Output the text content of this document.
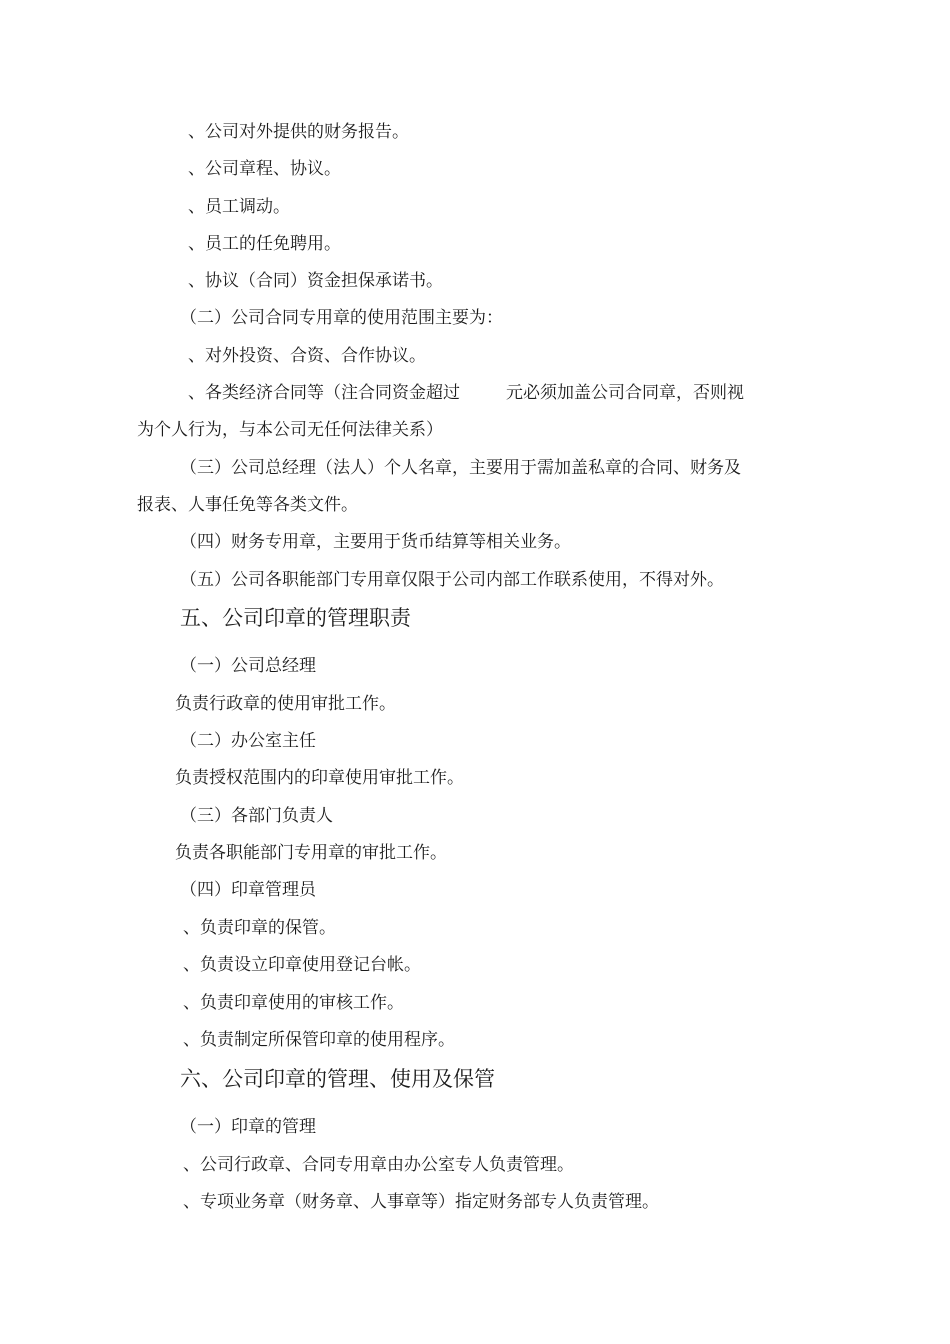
、公司对外提供的财务报告。
、公司章程、协议。
、员工调动。
、员工的任免聘用。
、协议（合同）资金担保承诺书。
（二）公司合同专用章的使用范围主要为：
、对外投资、合资、合作协议。
、各类经济合同等（注合同资金超过	元必须加盖公司合同章，否则视
为个人行为，与本公司无任何法律关系）
（三）公司总经理（法人）个人名章，主要用于需加盖私章的合同、财务及
报表、人事任免等各类文件。
（四）财务专用章，主要用于货币结算等相关业务。
（五）公司各职能部门专用章仅限于公司内部工作联系使用，不得对外。
五、公司印章的管理职责
（一）公司总经理
负责行政章的使用审批工作。
（二）办公室主任
负责授权范围内的印章使用审批工作。
（三）各部门负责人
负责各职能部门专用章的审批工作。
（四）印章管理员
、负责印章的保管。
、负责设立印章使用登记台帐。
、负责印章使用的审核工作。
、负责制定所保管印章的使用程序。
六、公司印章的管理、使用及保管
（一）印章的管理
、公司行政章、合同专用章由办公室专人负责管理。
、专项业务章（财务章、人事章等）指定财务部专人负责管理。
